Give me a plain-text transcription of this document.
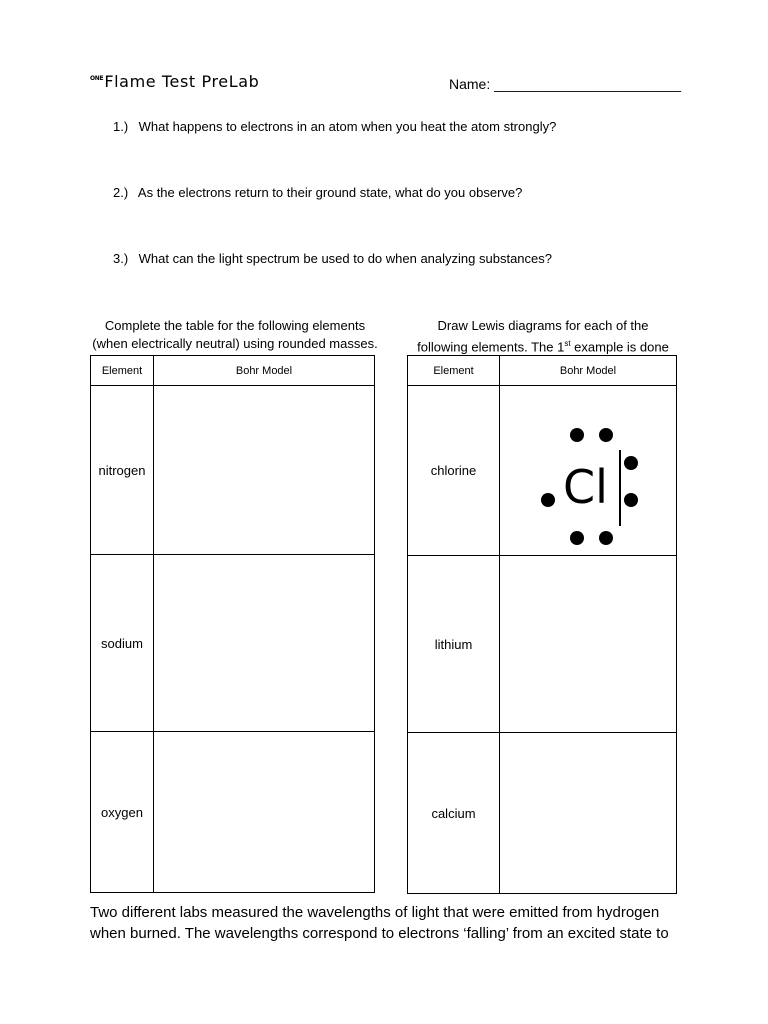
ONE Flame Test PreLab	Name: ________________________
1.) What happens to electrons in an atom when you heat the atom strongly?
2.) As the electrons return to their ground state, what do you observe?
3.) What can the light spectrum be used to do when analyzing substances?
Complete the table for the following elements
(when electrically neutral) using rounded masses.
Draw Lewis diagrams for each of the
following elements. The 1st example is done
Element	Bohr Model
nitrogen	
sodium	
oxygen	
Element	Bohr Model
chlorine	Cl

lithium	
calcium	
Two different labs measured the wavelengths of light that were emitted from hydrogen
when burned. The wavelengths correspond to electrons ‘falling’ from an excited state to
